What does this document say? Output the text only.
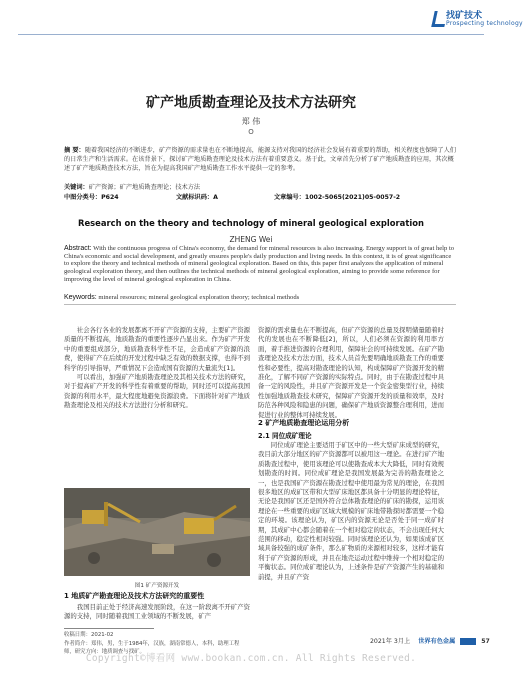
找矿技术
Prospecting technology
矿产地质勘查理论及技术方法研究
郑 伟
O
摘 要：随着我国经济的不断进步，矿产资源的需求量也在不断地提高，能源支持对我国的经济社会发展有着重要的帮助，相关程度也保障了人们的日常生产和生活需求。在该背景下，探讨矿产地质勘查理论及技术方法有着重要意义。基于此，文章首先分析了矿产地质勘查的应用，其次概述了矿产地质勘查技术方法，旨在为提高我国矿产地质勘查工作水平提供一定的参考。
关键词：矿产资源；矿产地质勘查理论；技术方法
中图分类号：P624	文献标识码：A	文章编号：1002-5065(2021)05-0057-2
Research on the theory and technology of mineral geological exploration
ZHENG Wei
Abstract: With the continuous progress of China's economy, the demand for mineral resources is also increasing. Energy support is of great help to China's economic and social development, and greatly ensures people's daily production and living needs. In this context, it is of great significance to explore the theory and technical methods of mineral geological exploration. Based on this, this paper first analyzes the application of mineral geological exploration theory, and then outlines the technical methods of mineral geological exploration, aiming to provide some reference for improving the level of mineral geological exploration in China.
Keywords: mineral resources; mineral geological exploration theory; technical methods

社会各行各业的发展都离不开矿产资源的支持，主要矿产资源质量的不断提高，地质勘查的重要性逐步凸显出来。作为矿产开发中的重要组成部分，地质勘查科学性不足，会造成矿产资源的浪费，使得矿产在后续的开发过程中缺乏有效的数据支撑，也得不到科学的引导指导，严重情况下会造成国有资源的大量流失[1]。

可以看出，加强矿产地质勘查理论及其相关技术方法的研究，对于提高矿产开发的科学性有着重要的帮助，同时还可以提高我国资源的利用水平，最大程度地避免资源浪费。下面将针对矿产地质勘查理论及相关的技术方法进行分析和研究。

图1 矿产资源开发
1 地质矿产勘查理论及技术方法研究的重要性

我国目前正处于经济高速发展阶段，在这一阶段离不开矿产资源的支持，同时随着我国工业领域的不断发展，矿产

收稿日期：2021-02
作者简介：郑伟，男，生于1984年，汉族，湖南常德人，本科，助理工程师，研究方向：地质调查与找矿。

资源的需求量也在不断提高，但矿产资源的总量及探明储量随着时代的发展也在不断降低[2]，所以，人们必须在资源的利用率方面，着手推进资源的合理利用，保障社会的可持续发展。在矿产勘查理论及技术方法方面，技术人员首先要明确地质勘查工作的重要性和必要性，提高对勘查理论的认知，构成保障矿产资源开发的精准化，了解不同矿产资源的实际特点。同时，由于在勘查过程中具备一定的风险性，并且矿产资源开发是一个资金密集型行业，持续性加强地质勘查技术研究，保障矿产资源开发的质量和效率，及时防范各种风险和隐患的问题，确保矿产地质资源整合理利用，进而促进行业的整体可持续发展。

2 矿产地质勘查理论运用分析
2.1 同位成矿理论

同位成矿理论主要适用于矿区中的一些大型矿床成型的研究，我目前大部分地区的矿产资源都可以被用这一理论。在进行矿产地质勘查过程中，使用该理论可以使勘查成本大大降低，同时有效规划勘查的时间。同位成矿理论是我国发展最为完善的勘查理论之一，也是我国矿产资源在勘查过程中使用最为常见的理论，在我国很多地区的成矿区带和大型矿床地区都具备十分明显的理论特征，无论是我国矿区还是国外符合总体勘查理论的矿床的勘探，运用该理论在一些重要的成矿区域大规模的矿床地带勘探时都需要一个稳定的环境。该理论认为，矿区内的资源无论是否处于同一成矿时期，其成矿中心都会随着在一个相对稳定的状态，不会出现任何大范围的移动，稳定性相对较强。同时该理论还认为，如果该成矿区域具备较强的成矿条件，那么矿物质的来源相对较多，这样才能有利于矿产资源的形成，并且在地壳运动过程中维持一个相对稳定的平衡状态。同位成矿理论认为，上述条件是矿产资源产生的基础和前提，并且矿产资

2021年 3月上 世界有色金属	57
Copyright©博看网 www.bookan.com.cn. All Rights Reserved.
